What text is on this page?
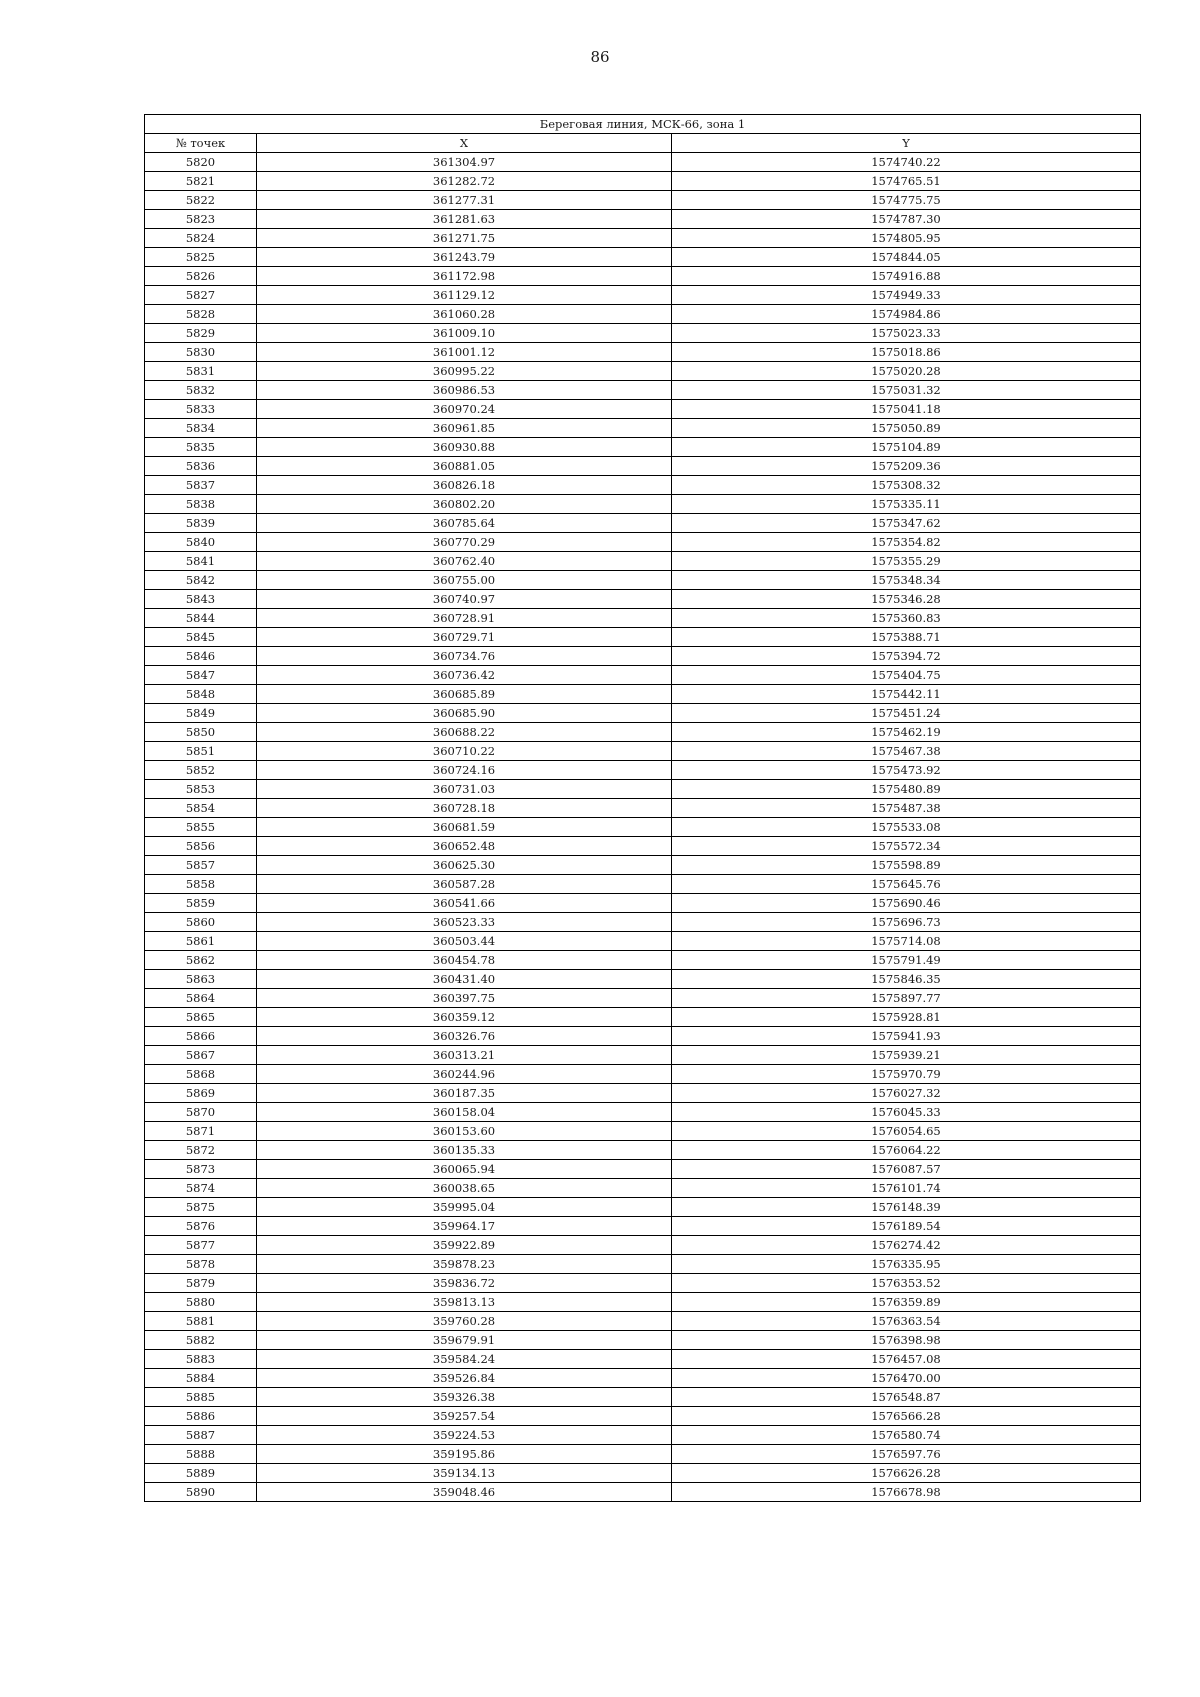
86
Береговая линия, МСК-66, зона 1		
№ точек	X	Y
5820	361304.97	1574740.22
5821	361282.72	1574765.51
5822	361277.31	1574775.75
5823	361281.63	1574787.30
5824	361271.75	1574805.95
5825	361243.79	1574844.05
5826	361172.98	1574916.88
5827	361129.12	1574949.33
5828	361060.28	1574984.86
5829	361009.10	1575023.33
5830	361001.12	1575018.86
5831	360995.22	1575020.28
5832	360986.53	1575031.32
5833	360970.24	1575041.18
5834	360961.85	1575050.89
5835	360930.88	1575104.89
5836	360881.05	1575209.36
5837	360826.18	1575308.32
5838	360802.20	1575335.11
5839	360785.64	1575347.62
5840	360770.29	1575354.82
5841	360762.40	1575355.29
5842	360755.00	1575348.34
5843	360740.97	1575346.28
5844	360728.91	1575360.83
5845	360729.71	1575388.71
5846	360734.76	1575394.72
5847	360736.42	1575404.75
5848	360685.89	1575442.11
5849	360685.90	1575451.24
5850	360688.22	1575462.19
5851	360710.22	1575467.38
5852	360724.16	1575473.92
5853	360731.03	1575480.89
5854	360728.18	1575487.38
5855	360681.59	1575533.08
5856	360652.48	1575572.34
5857	360625.30	1575598.89
5858	360587.28	1575645.76
5859	360541.66	1575690.46
5860	360523.33	1575696.73
5861	360503.44	1575714.08
5862	360454.78	1575791.49
5863	360431.40	1575846.35
5864	360397.75	1575897.77
5865	360359.12	1575928.81
5866	360326.76	1575941.93
5867	360313.21	1575939.21
5868	360244.96	1575970.79
5869	360187.35	1576027.32
5870	360158.04	1576045.33
5871	360153.60	1576054.65
5872	360135.33	1576064.22
5873	360065.94	1576087.57
5874	360038.65	1576101.74
5875	359995.04	1576148.39
5876	359964.17	1576189.54
5877	359922.89	1576274.42
5878	359878.23	1576335.95
5879	359836.72	1576353.52
5880	359813.13	1576359.89
5881	359760.28	1576363.54
5882	359679.91	1576398.98
5883	359584.24	1576457.08
5884	359526.84	1576470.00
5885	359326.38	1576548.87
5886	359257.54	1576566.28
5887	359224.53	1576580.74
5888	359195.86	1576597.76
5889	359134.13	1576626.28
5890	359048.46	1576678.98
